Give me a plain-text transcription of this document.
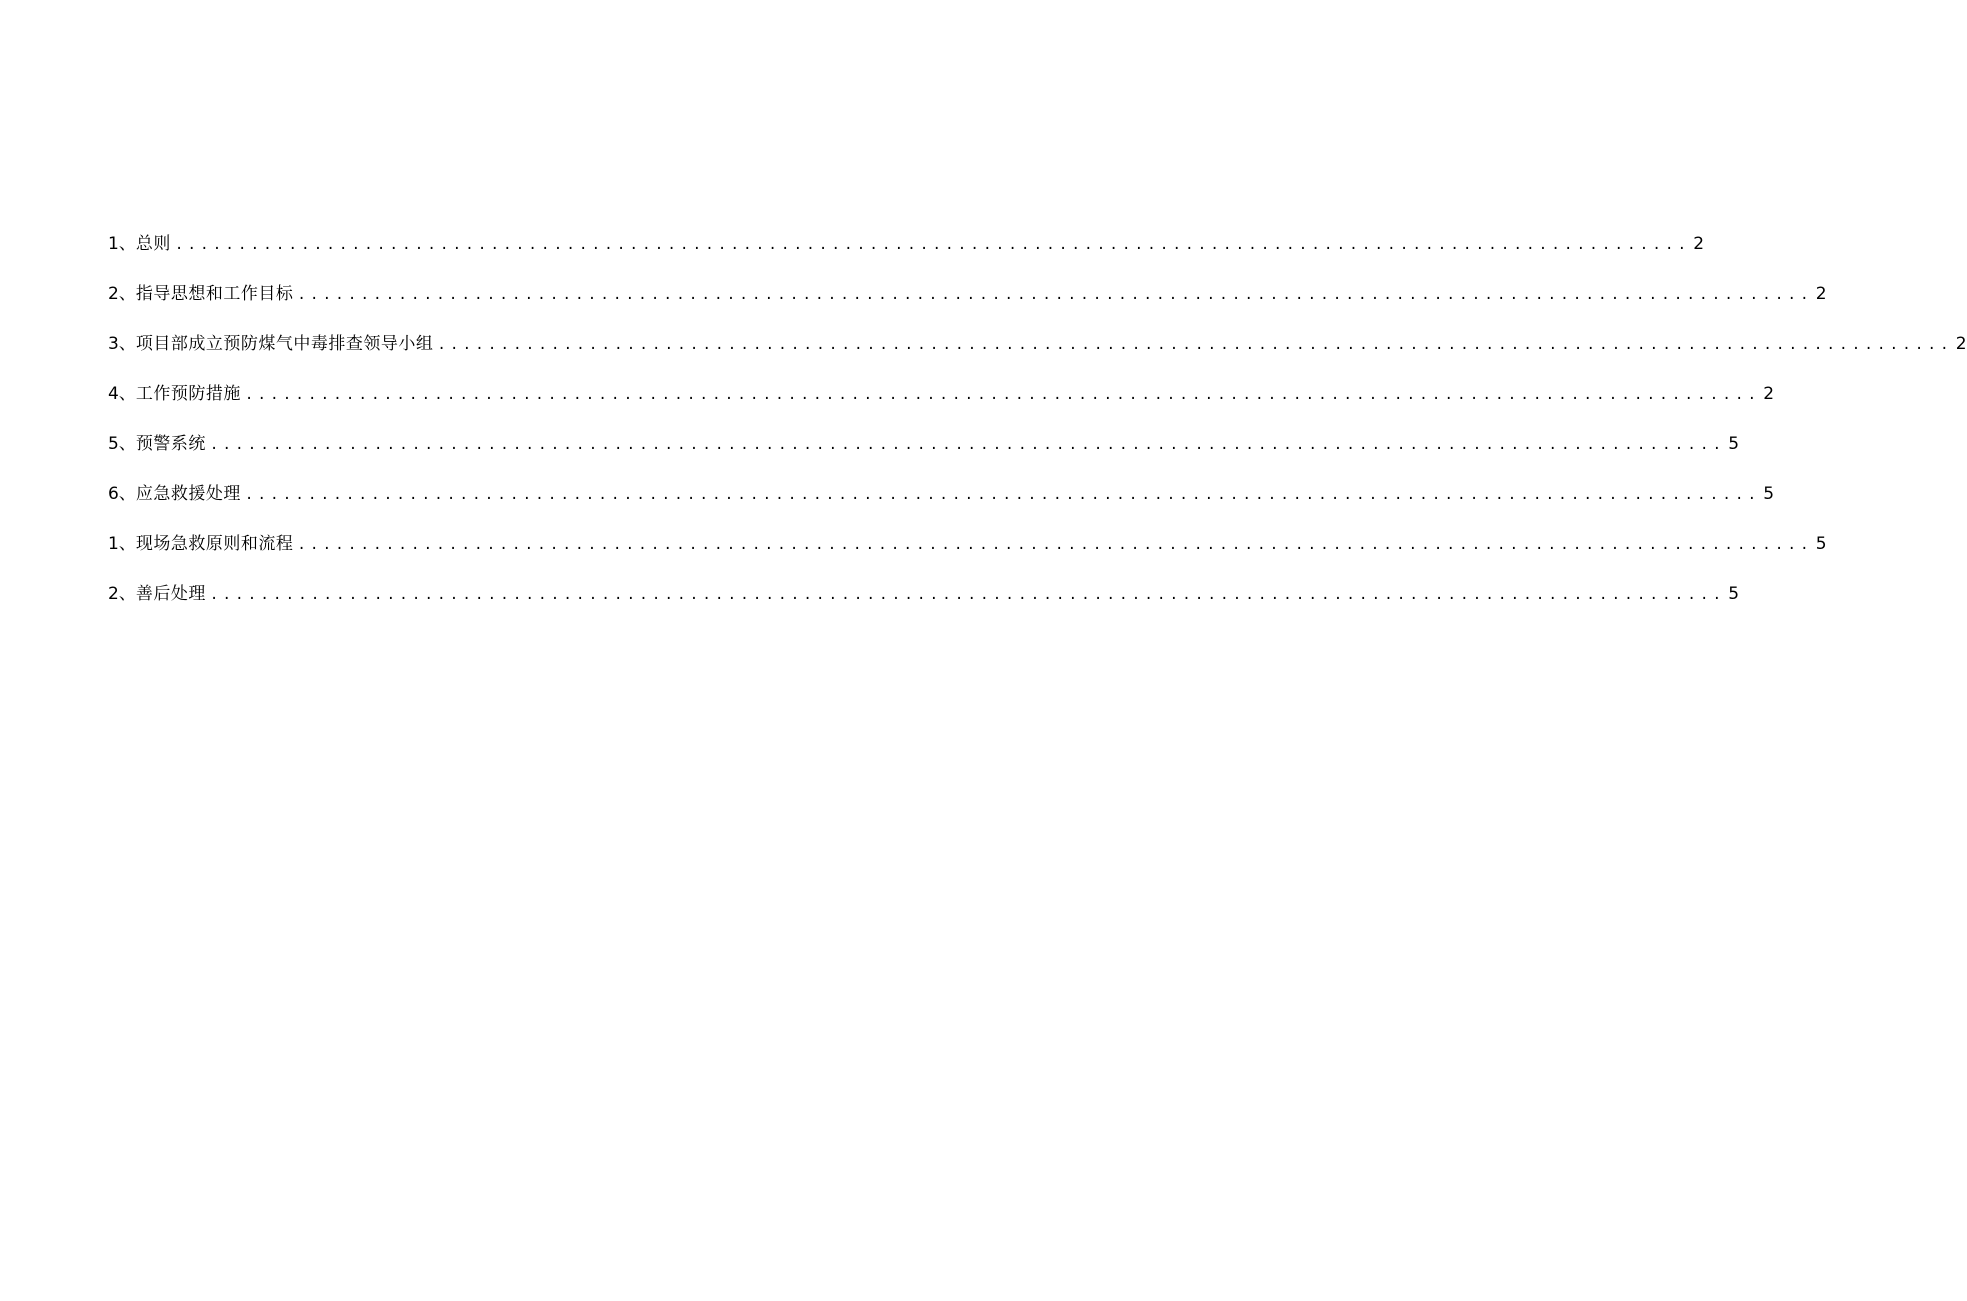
1、 总则 ........................................................................................................................ 2
2、 指导思想和工作目标 ........................................................................................................................ 2
3、 项目部成立预防煤气中毒排查领导小组 ........................................................................................................................ 2
4、 工作预防措施 ........................................................................................................................ 2
5、 预警系统 ........................................................................................................................ 5
6、 应急救援处理 ........................................................................................................................ 5
1、 现场急救原则和流程 ........................................................................................................................ 5
2、 善后处理 ........................................................................................................................ 5
